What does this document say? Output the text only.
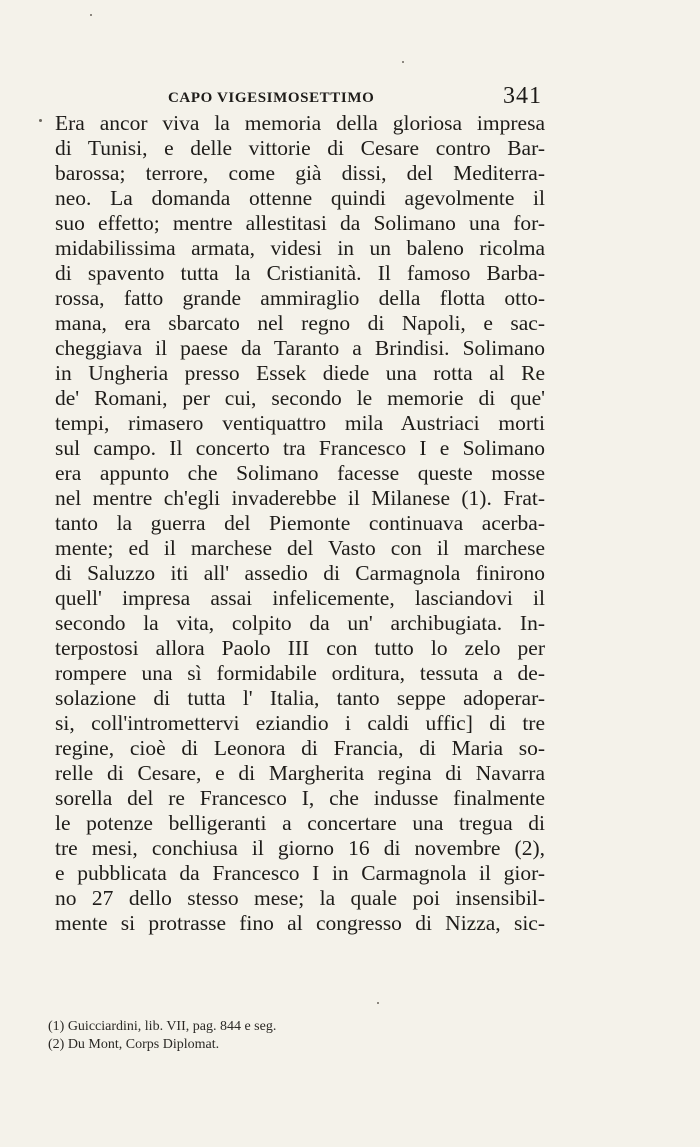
CAPO VIGESIMOSETTIMO	341
Era ancor viva la memoria della gloriosa impresa
di Tunisi, e delle vittorie di Cesare contro Bar-
barossa; terrore, come già dissi, del Mediterra-
neo. La domanda ottenne quindi agevolmente il
suo effetto; mentre allestitasi da Solimano una for-
midabilissima armata, videsi in un baleno ricolma
di spavento tutta la Cristianità. Il famoso Barba-
rossa, fatto grande ammiraglio della flotta otto-
mana, era sbarcato nel regno di Napoli, e sac-
cheggiava il paese da Taranto a Brindisi. Solimano
in Ungheria presso Essek diede una rotta al Re
de' Romani, per cui, secondo le memorie di que'
tempi, rimasero ventiquattro mila Austriaci morti
sul campo. Il concerto tra Francesco I e Solimano
era appunto che Solimano facesse queste mosse
nel mentre ch'egli invaderebbe il Milanese (1). Frat-
tanto la guerra del Piemonte continuava acerba-
mente; ed il marchese del Vasto con il marchese
di Saluzzo iti all' assedio di Carmagnola finirono
quell' impresa assai infelicemente, lasciandovi il
secondo la vita, colpito da un' archibugiata. In-
terpostosi allora Paolo III con tutto lo zelo per
rompere una sì formidabile orditura, tessuta a de-
solazione di tutta l' Italia, tanto seppe adoperar-
si, coll'intromettervi eziandio i caldi uffic] di tre
regine, cioè di Leonora di Francia, di Maria so-
relle di Cesare, e di Margherita regina di Navarra
sorella del re Francesco I, che indusse finalmente
le potenze belligeranti a concertare una tregua di
tre mesi, conchiusa il giorno 16 di novembre (2),
e pubblicata da Francesco I in Carmagnola il gior-
no 27 dello stesso mese; la quale poi insensibil-
mente si protrasse fino al congresso di Nizza, sic-
(1) Guicciardini, lib. VII, pag. 844 e seg.
(2) Du Mont, Corps Diplomat.
